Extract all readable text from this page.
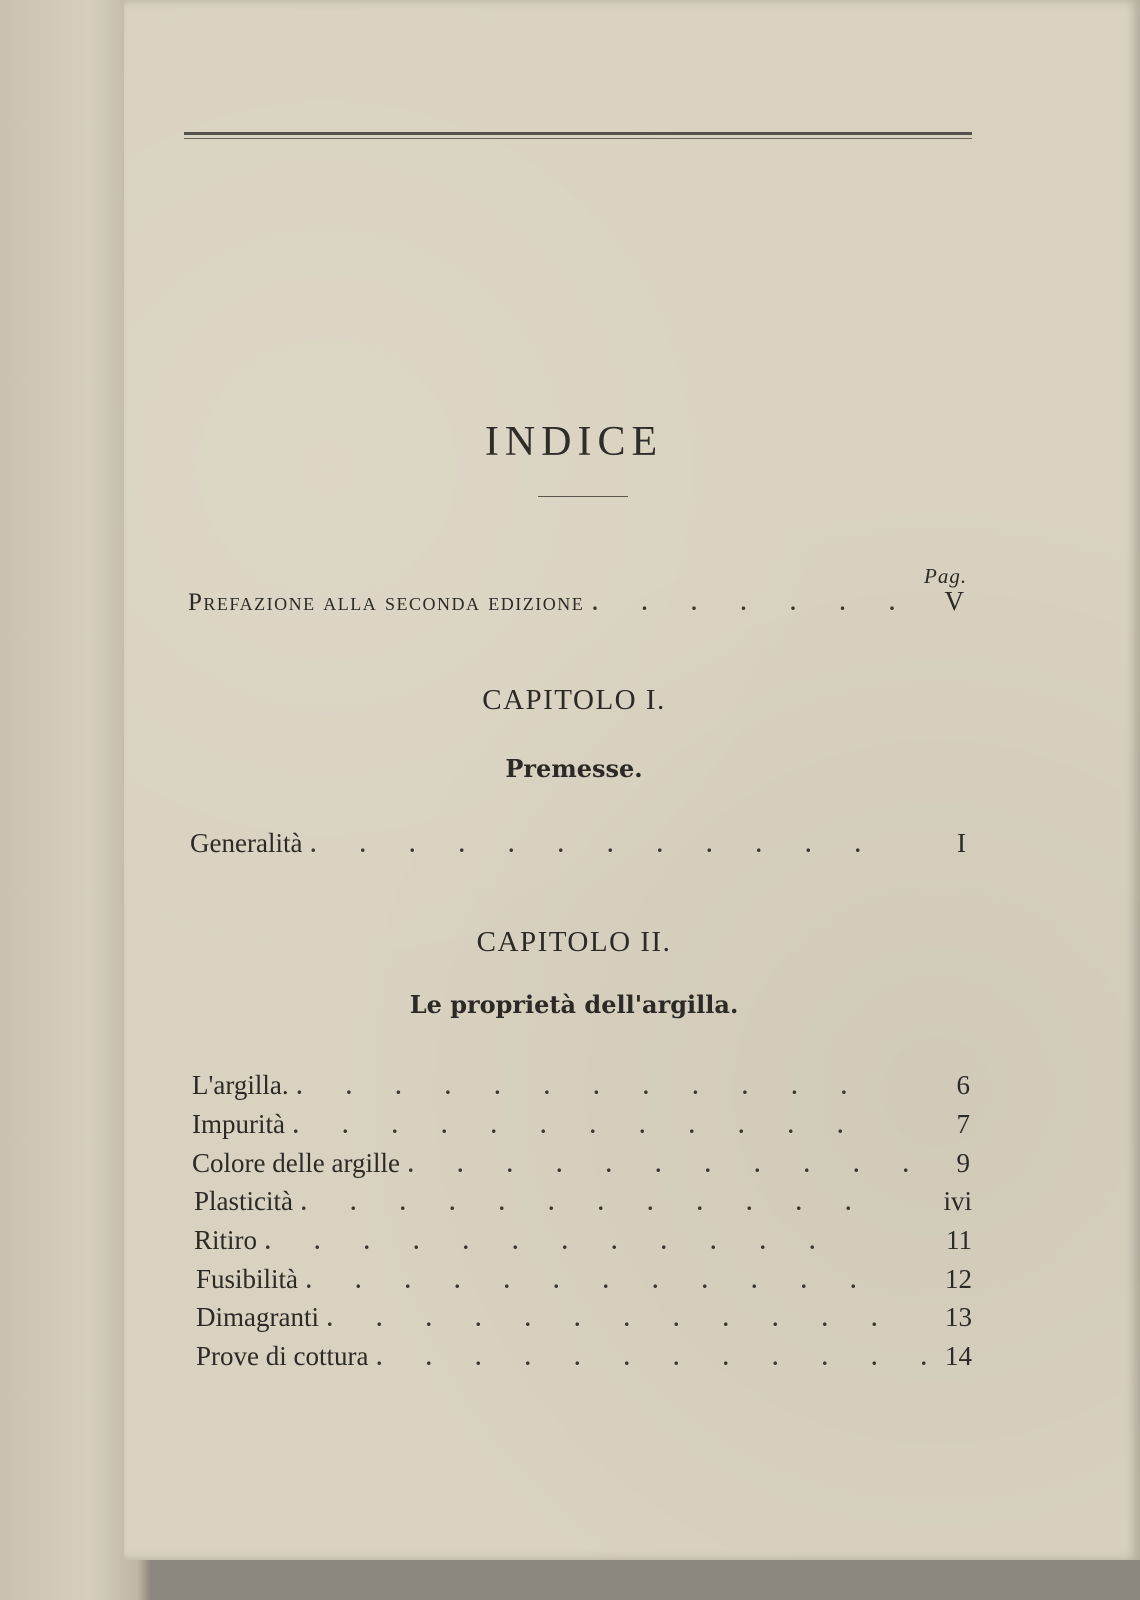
INDICE
Pag.
Prefazione alla seconda edizione .	V
CAPITOLO I.
Premesse.
Generalità .	I
CAPITOLO II.
Le proprietà dell'argilla.
L'argilla. .	6
Impurità .	7
Colore delle argille .	9
Plasticità .	ivi
Ritiro .	11
Fusibilità .	12
Dimagranti .	13
Prove di cottura .	14
